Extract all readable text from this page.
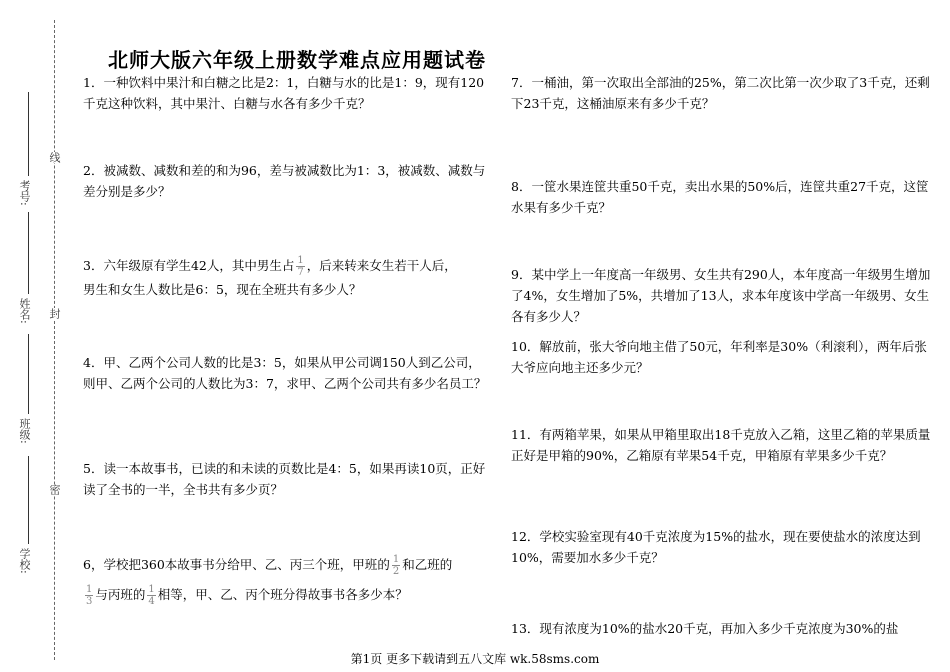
线
封
密
考号:
姓名:
班级:
学校:
北师大版六年级上册数学难点应用题试卷
1．一种饮料中果汁和白糖之比是2：1，白糖与水的比是1：9，现有120千克这种饮料，其中果汁、白糖与水各有多少千克？
2．被减数、减数和差的和为96，差与被减数比为1：3，被减数、减数与差分别是多少？
3．六年级原有学生42人，其中男生占 $\frac{1}{7}$ ，后来转来女生若干人后，
男生和女生人数比是6：5，现在全班共有多少人？
4．甲、乙两个公司人数的比是3：5，如果从甲公司调150人到乙公司，则甲、乙两个公司的人数比为3：7，求甲、乙两个公司共有多少名员工？
5．读一本故事书，已读的和未读的页数比是4：5，如果再读10页，正好读了全书的一半，全书共有多少页？
6，学校把360本故事书分给甲、乙、丙三个班，甲班的 $\frac{1}{2}$ 和乙班的

$\frac{1}{3}$ 与丙班的 $\frac{1}{4}$ 相等，甲、乙、丙个班分得故事书各多少本？
7．一桶油，第一次取出全部油的25%，第二次比第一次少取了3千克，还剩下23千克，这桶油原来有多少千克？
8．一筐水果连筐共重50千克，卖出水果的50%后，连筐共重27千克，这筐水果有多少千克？
9．某中学上一年度高一年级男、女生共有290人，本年度高一年级男生增加了4%，女生增加了5%，共增加了13人，求本年度该中学高一年级男、女生各有多少人？
10．解放前，张大爷向地主借了50元，年利率是30%（利滚利），两年后张大爷应向地主还多少元？
11．有两箱苹果，如果从甲箱里取出18千克放入乙箱，这里乙箱的苹果质量正好是甲箱的90%，乙箱原有苹果54千克，甲箱原有苹果多少千克？
12．学校实验室现有40千克浓度为15%的盐水，现在要使盐水的浓度达到10%，需要加水多少千克？
13．现有浓度为10%的盐水20千克，再加入多少千克浓度为30%的盐
第1页 更多下载请到五八文库 wk.58sms.com
